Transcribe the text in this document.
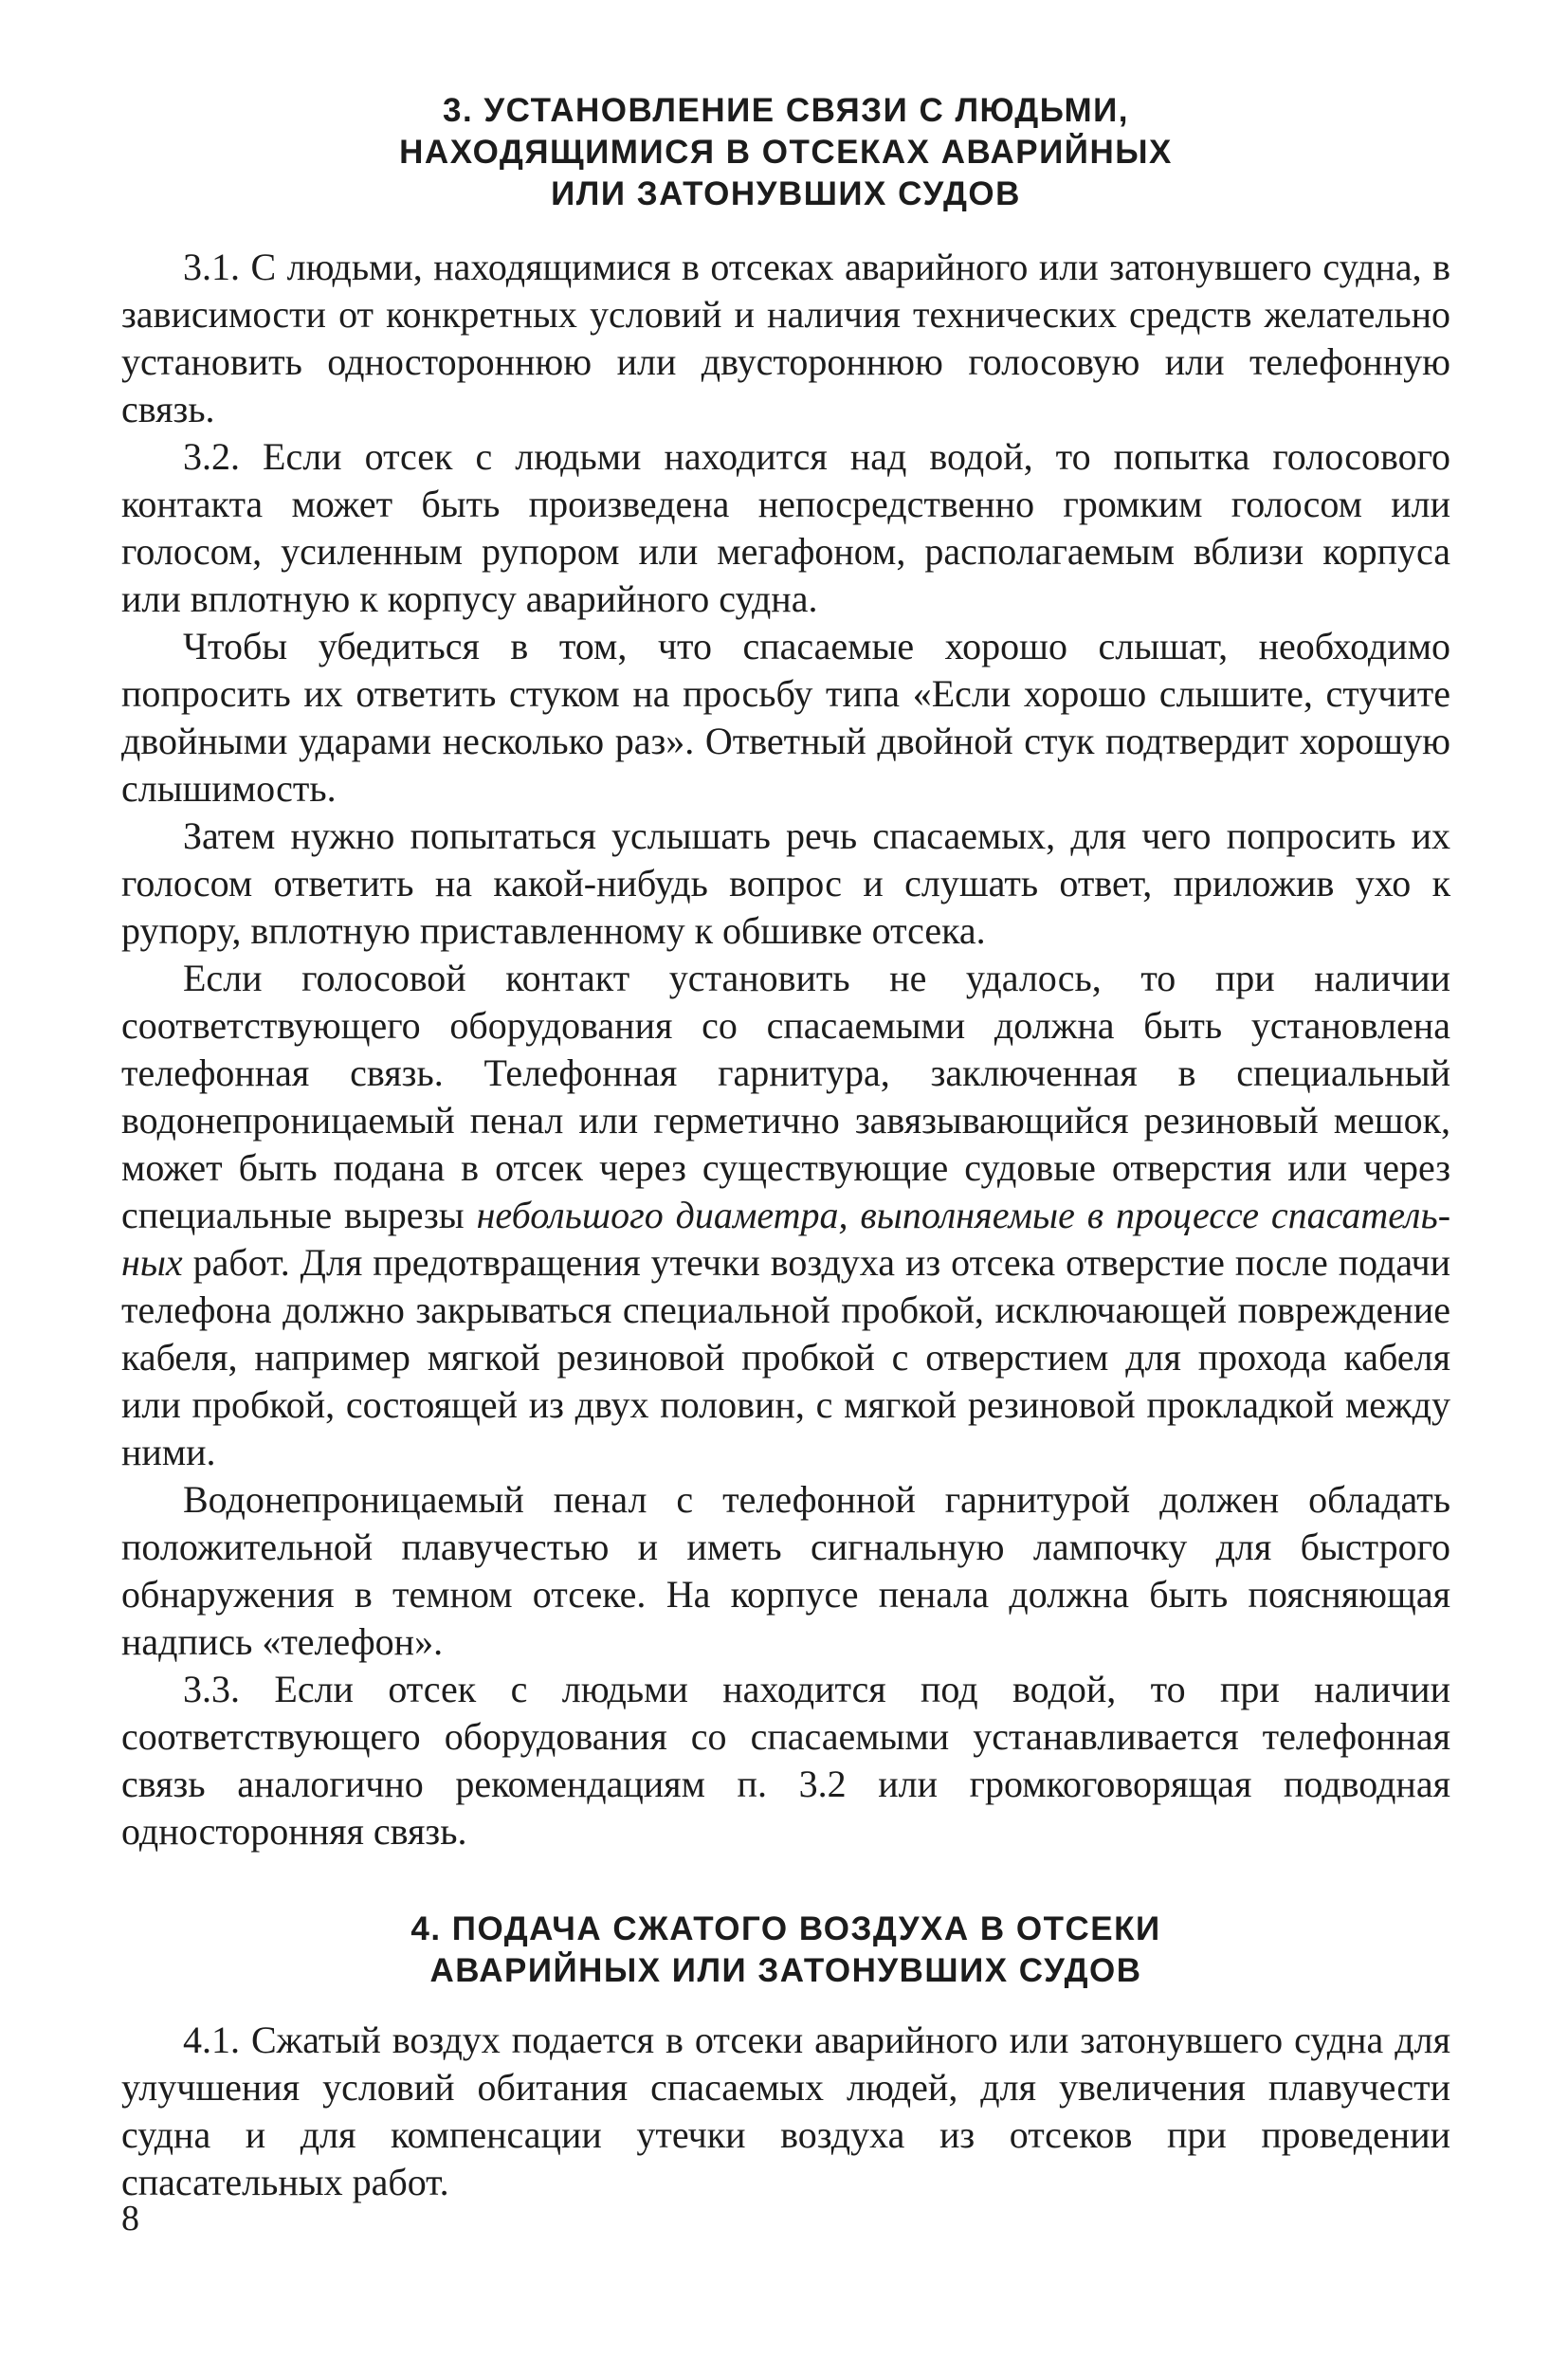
3. УСТАНОВЛЕНИЕ СВЯЗИ С ЛЮДЬМИ,
НАХОДЯЩИМИСЯ В ОТСЕКАХ АВАРИЙНЫХ
ИЛИ ЗАТОНУВШИХ СУДОВ

3.1. С людьми, находящимися в отсеках аварийного или затонувшего судна, в зависимости от конкретных условий и наличия технических средств желательно установить одностороннюю или двустороннюю голосовую или телефонную связь.

3.2. Если отсек с людьми находится над водой, то попытка голосового контакта может быть произведена непосредственно громким голосом или голосом, усиленным рупором или мегафоном, располагаемым вблизи корпуса или вплотную к корпусу аварийного судна.

Чтобы убедиться в том, что спасаемые хорошо слышат, необходимо попросить их ответить стуком на просьбу типа «Если хорошо слышите, стучите двойными ударами несколько раз». Ответный двойной стук подтвердит хорошую слышимость.

Затем нужно попытаться услышать речь спасаемых, для чего попросить их голосом ответить на какой-нибудь вопрос и слушать ответ, приложив ухо к рупору, вплотную приставленному к обшивке отсека.

Если голосовой контакт установить не удалось, то при наличии соответствующего оборудования со спасаемыми должна быть установлена телефонная связь. Телефонная гарнитура, заключенная в специальный водонепроницаемый пенал или герметично завязывающийся резиновый мешок, может быть подана в отсек через существующие судовые отверстия или через специальные вырезы небольшого диаметра, выполняемые в процессе спасательных работ. Для предотвращения утечки воздуха из отсека отверстие после подачи телефона должно закрываться специальной пробкой, исключающей повреждение кабеля, например мягкой резиновой пробкой с отверстием для прохода кабеля или пробкой, состоящей из двух половин, с мягкой резиновой прокладкой между ними.

Водонепроницаемый пенал с телефонной гарнитурой должен обладать положительной плавучестью и иметь сигнальную лампочку для быстрого обнаружения в темном отсеке. На корпусе пенала должна быть поясняющая надпись «телефон».

3.3. Если отсек с людьми находится под водой, то при наличии соответствующего оборудования со спасаемыми устанавливается телефонная связь аналогично рекомендациям п. 3.2 или громкоговорящая подводная односторонняя связь.

4. ПОДАЧА СЖАТОГО ВОЗДУХА В ОТСЕКИ
АВАРИЙНЫХ ИЛИ ЗАТОНУВШИХ СУДОВ

4.1. Сжатый воздух подается в отсеки аварийного или затонувшего судна для улучшения условий обитания спасаемых людей, для увеличения плавучести судна и для компенсации утечки воздуха из отсеков при проведении спасательных работ.

8
